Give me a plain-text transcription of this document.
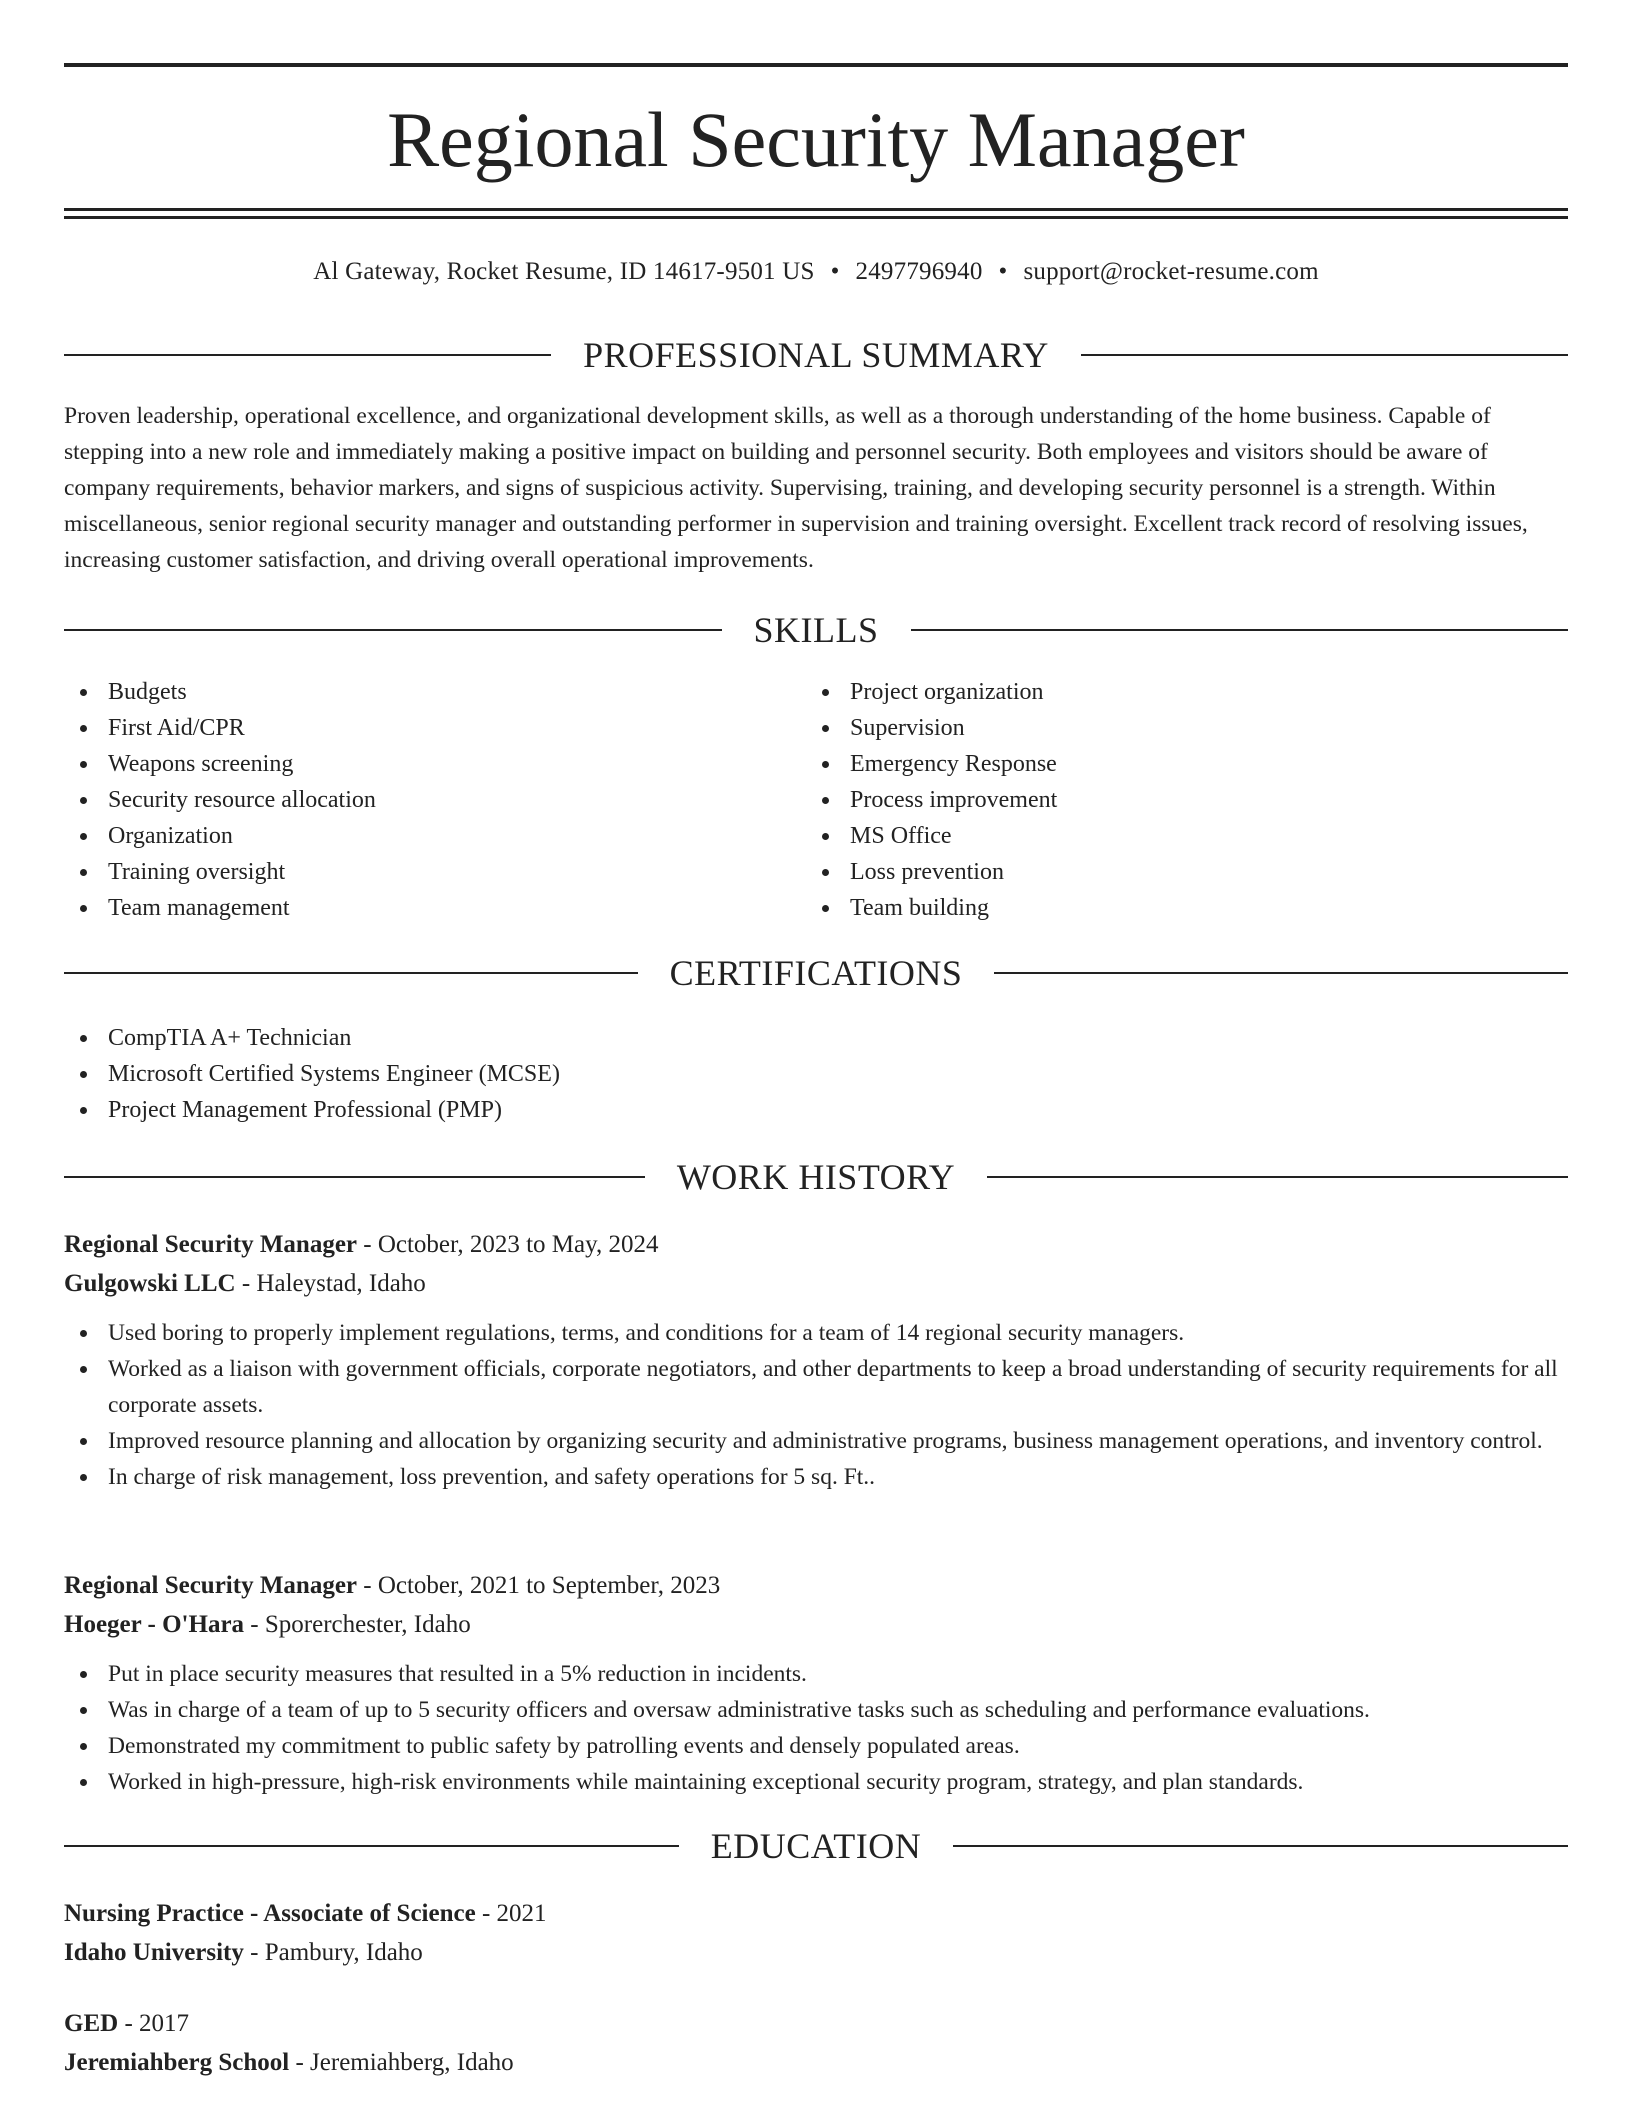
Regional Security Manager
Al Gateway, Rocket Resume, ID 14617-9501 US • 2497796940 • support@rocket-resume.com
PROFESSIONAL SUMMARY

Proven leadership, operational excellence, and organizational development skills, as well as a thorough understanding of the home business. Capable of stepping into a new role and immediately making a positive impact on building and personnel security. Both employees and visitors should be aware of company requirements, behavior markers, and signs of suspicious activity. Supervising, training, and developing security personnel is a strength. Within miscellaneous, senior regional security manager and outstanding performer in supervision and training oversight. Excellent track record of resolving issues, increasing customer satisfaction, and driving overall operational improvements.

SKILLS
Budgets
First Aid/CPR
Weapons screening
Security resource allocation
Organization
Training oversight
Team management
Project organization
Supervision
Emergency Response
Process improvement
MS Office
Loss prevention
Team building
CERTIFICATIONS
CompTIA A+ Technician
Microsoft Certified Systems Engineer (MCSE)
Project Management Professional (PMP)
WORK HISTORY
Regional Security Manager - October, 2023 to May, 2024
Gulgowski LLC - Haleystad, Idaho
Used boring to properly implement regulations, terms, and conditions for a team of 14 regional security managers.
Worked as a liaison with government officials, corporate negotiators, and other departments to keep a broad understanding of security requirements for all corporate assets.
Improved resource planning and allocation by organizing security and administrative programs, business management operations, and inventory control.
In charge of risk management, loss prevention, and safety operations for 5 sq. Ft..
Regional Security Manager - October, 2021 to September, 2023
Hoeger - O'Hara - Sporerchester, Idaho
Put in place security measures that resulted in a 5% reduction in incidents.
Was in charge of a team of up to 5 security officers and oversaw administrative tasks such as scheduling and performance evaluations.
Demonstrated my commitment to public safety by patrolling events and densely populated areas.
Worked in high-pressure, high-risk environments while maintaining exceptional security program, strategy, and plan standards.
EDUCATION
Nursing Practice - Associate of Science - 2021
Idaho University - Pambury, Idaho
GED - 2017
Jeremiahberg School - Jeremiahberg, Idaho
